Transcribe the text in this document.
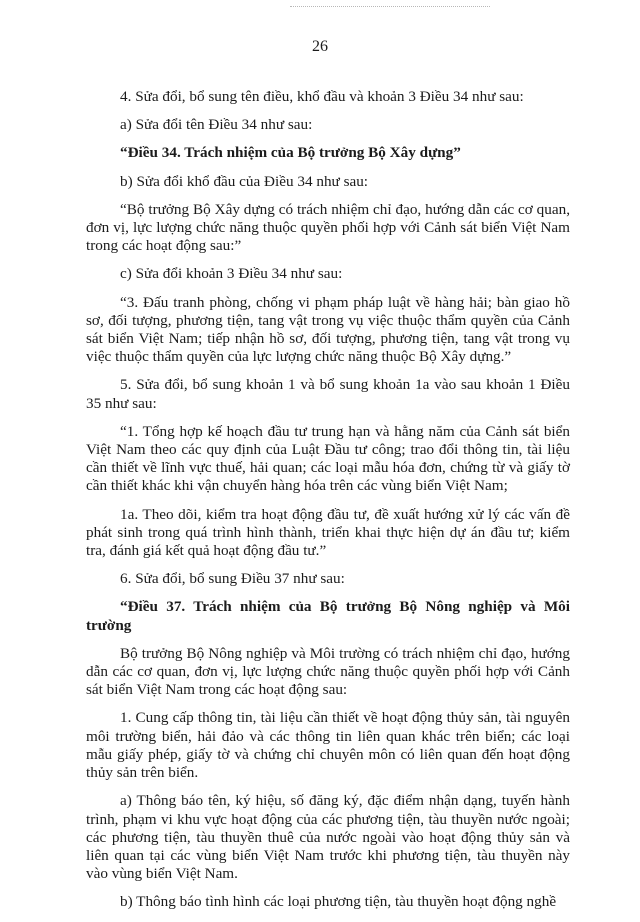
26

4. Sửa đổi, bổ sung tên điều, khổ đầu và khoản 3 Điều 34 như sau:

a) Sửa đổi tên Điều 34 như sau:

“Điều 34. Trách nhiệm của Bộ trưởng Bộ Xây dựng”

b) Sửa đổi khổ đầu của Điều 34 như sau:

“Bộ trưởng Bộ Xây dựng có trách nhiệm chỉ đạo, hướng dẫn các cơ quan, đơn vị, lực lượng chức năng thuộc quyền phối hợp với Cảnh sát biển Việt Nam trong các hoạt động sau:”

c) Sửa đổi khoản 3 Điều 34 như sau:

“3. Đấu tranh phòng, chống vi phạm pháp luật về hàng hải; bàn giao hồ sơ, đối tượng, phương tiện, tang vật trong vụ việc thuộc thẩm quyền của Cảnh sát biển Việt Nam; tiếp nhận hồ sơ, đối tượng, phương tiện, tang vật trong vụ việc thuộc thẩm quyền của lực lượng chức năng thuộc Bộ Xây dựng.”

5. Sửa đổi, bổ sung khoản 1 và bổ sung khoản 1a vào sau khoản 1 Điều 35 như sau:

“1. Tổng hợp kế hoạch đầu tư trung hạn và hằng năm của Cảnh sát biển Việt Nam theo các quy định của Luật Đầu tư công; trao đổi thông tin, tài liệu cần thiết về lĩnh vực thuế, hải quan; các loại mẫu hóa đơn, chứng từ và giấy tờ cần thiết khác khi vận chuyển hàng hóa trên các vùng biển Việt Nam;

1a. Theo dõi, kiểm tra hoạt động đầu tư, đề xuất hướng xử lý các vấn đề phát sinh trong quá trình hình thành, triển khai thực hiện dự án đầu tư; kiểm tra, đánh giá kết quả hoạt động đầu tư.”

6. Sửa đổi, bổ sung Điều 37 như sau:

“Điều 37. Trách nhiệm của Bộ trưởng Bộ Nông nghiệp và Môi trường

Bộ trưởng Bộ Nông nghiệp và Môi trường có trách nhiệm chỉ đạo, hướng dẫn các cơ quan, đơn vị, lực lượng chức năng thuộc quyền phối hợp với Cảnh sát biển Việt Nam trong các hoạt động sau:

1. Cung cấp thông tin, tài liệu cần thiết về hoạt động thủy sản, tài nguyên môi trường biển, hải đảo và các thông tin liên quan khác trên biển; các loại mẫu giấy phép, giấy tờ và chứng chỉ chuyên môn có liên quan đến hoạt động thủy sản trên biển.

a) Thông báo tên, ký hiệu, số đăng ký, đặc điểm nhận dạng, tuyến hành trình, phạm vi khu vực hoạt động của các phương tiện, tàu thuyền nước ngoài; các phương tiện, tàu thuyền thuê của nước ngoài vào hoạt động thủy sản và liên quan tại các vùng biển Việt Nam trước khi phương tiện, tàu thuyền này vào vùng biển Việt Nam.

b) Thông báo tình hình các loại phương tiện, tàu thuyền hoạt động nghề
